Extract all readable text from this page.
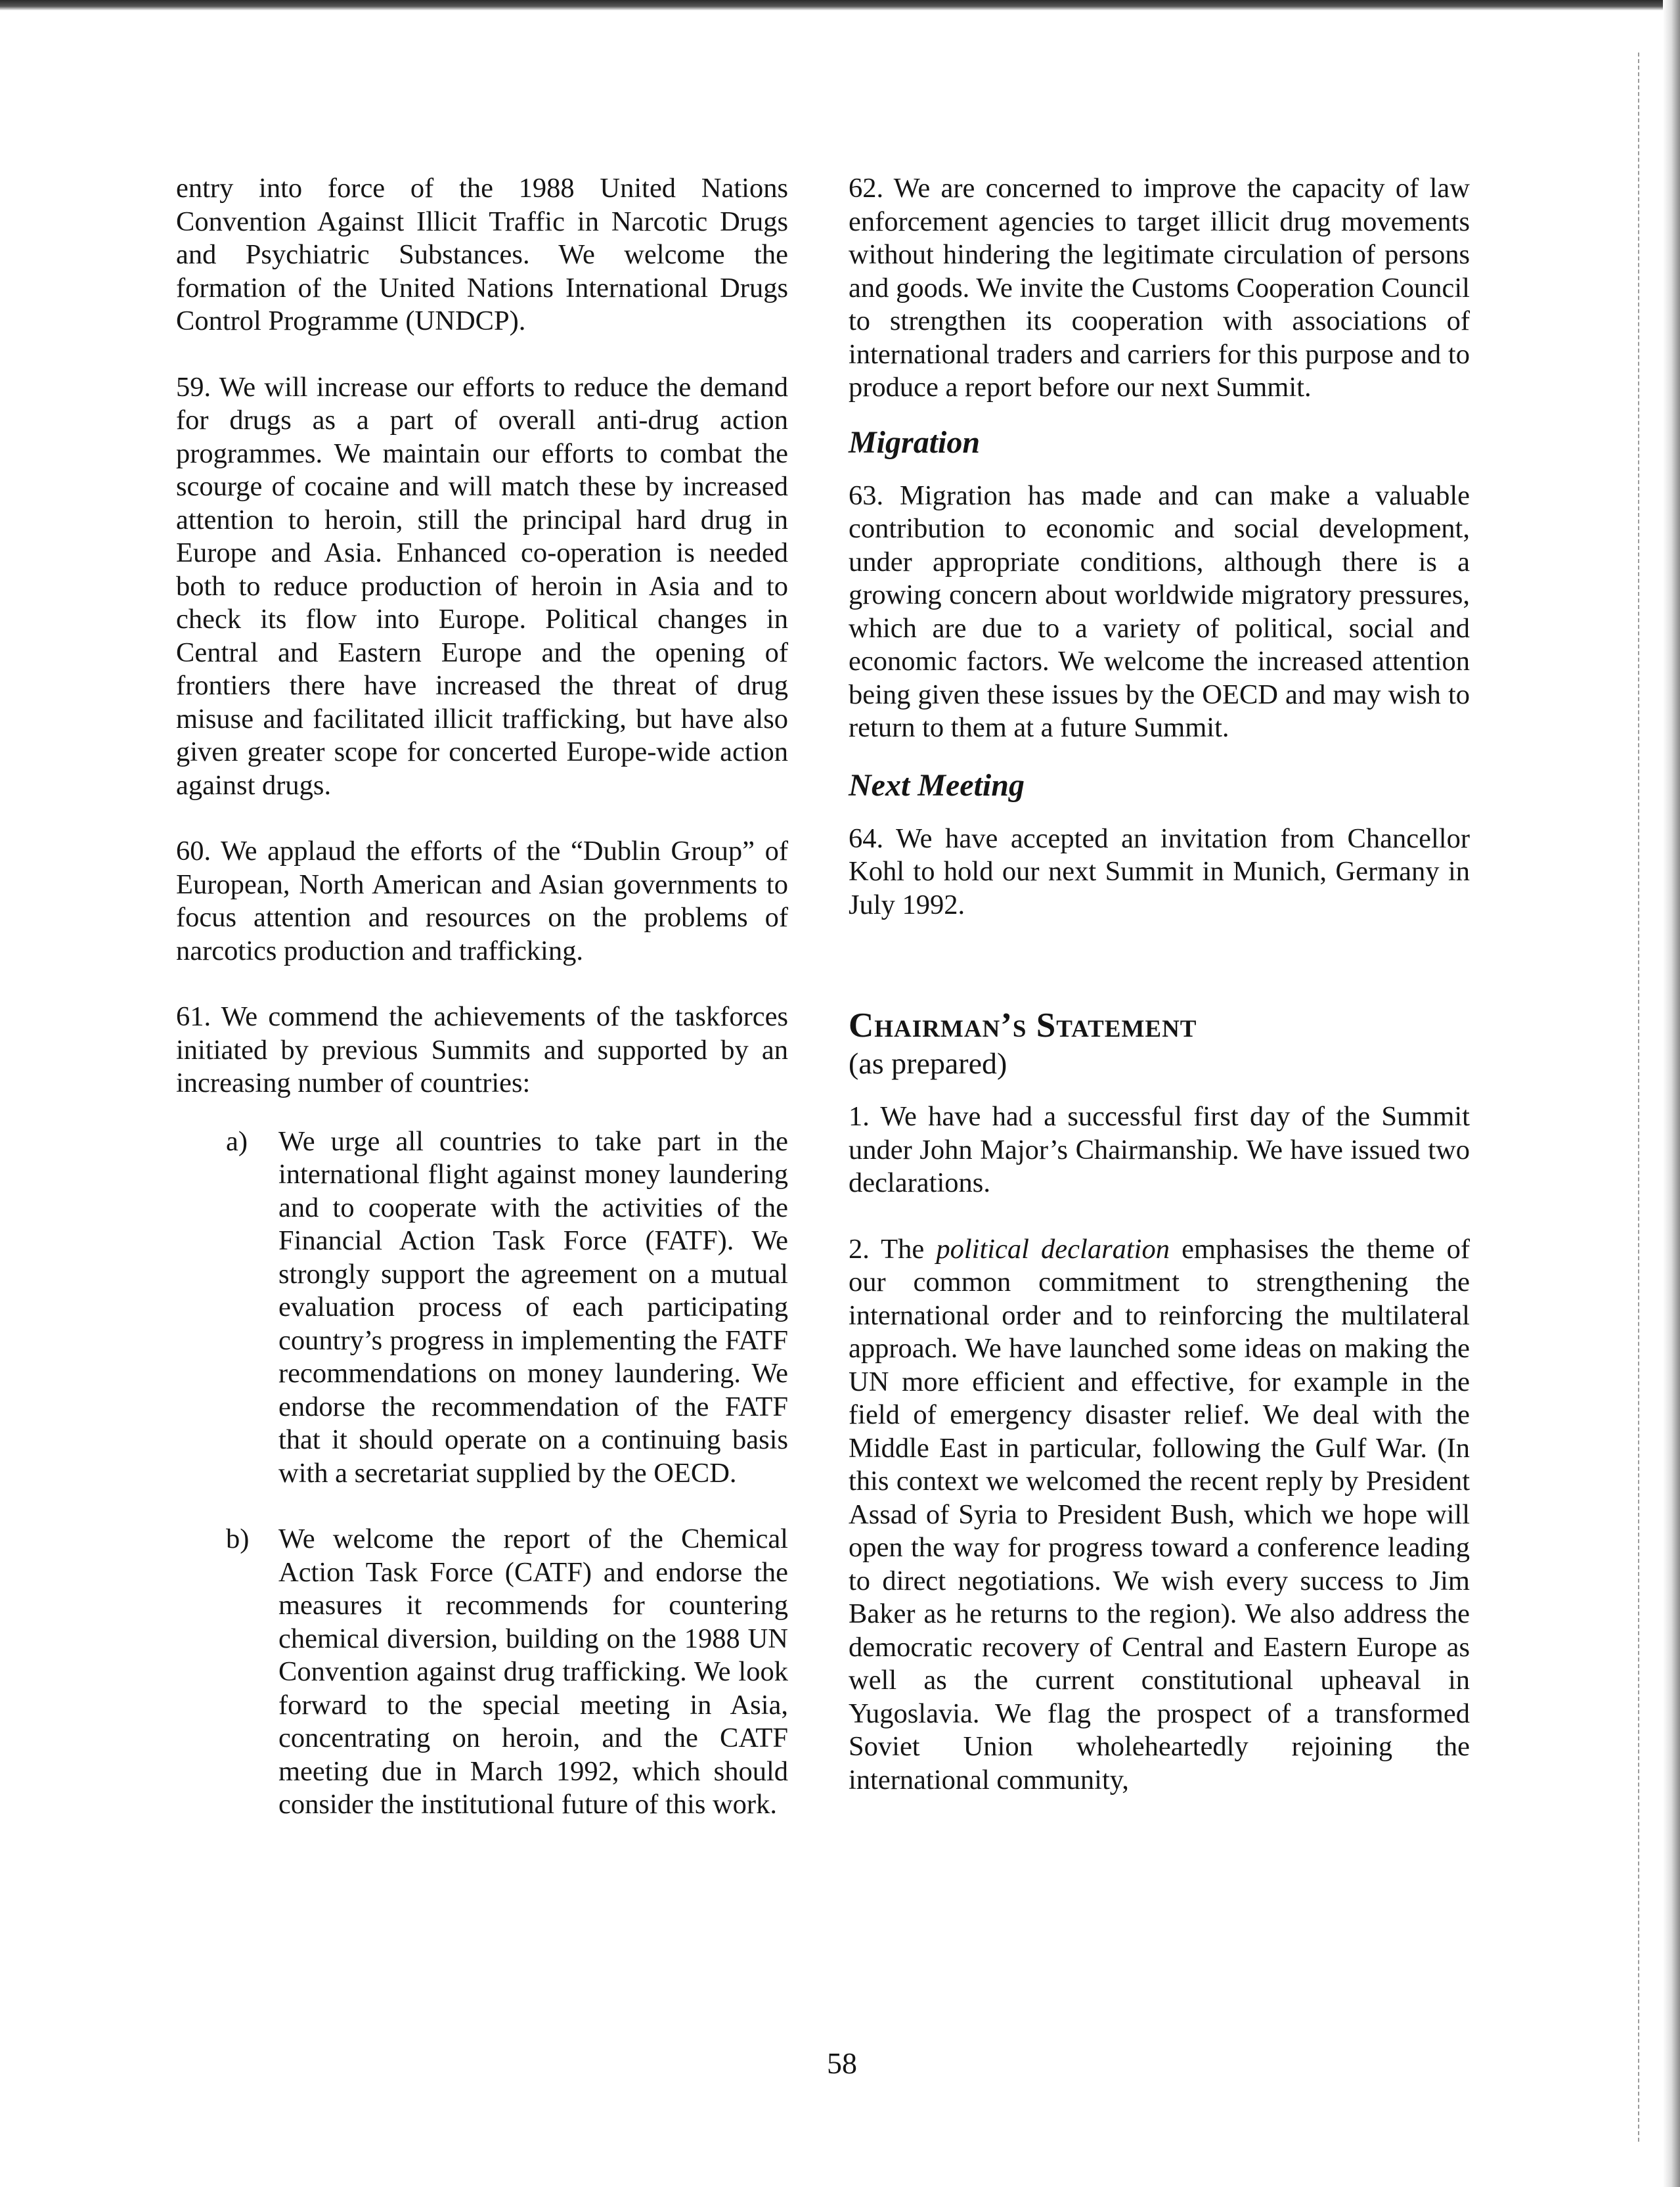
entry into force of the 1988 United Nations Convention Against Illicit Traffic in Narcotic Drugs and Psychiatric Substances. We welcome the formation of the United Nations International Drugs Control Programme (UNDCP).

59. We will increase our efforts to reduce the demand for drugs as a part of overall anti-drug action programmes. We maintain our efforts to combat the scourge of cocaine and will match these by increased attention to heroin, still the principal hard drug in Europe and Asia. Enhanced co-operation is needed both to reduce production of heroin in Asia and to check its flow into Europe. Political changes in Central and Eastern Europe and the opening of frontiers there have increased the threat of drug misuse and facilitated illicit trafficking, but have also given greater scope for concerted Europe-wide action against drugs.

60. We applaud the efforts of the “Dublin Group” of European, North American and Asian governments to focus attention and resources on the problems of narcotics production and trafficking.

61. We commend the achievements of the taskforces initiated by previous Summits and supported by an increasing number of countries:

a)	We urge all countries to take part in the international flight against money laundering and to cooperate with the activities of the Financial Action Task Force (FATF). We strongly support the agreement on a mutual evaluation process of each participating country’s progress in implementing the FATF recommendations on money laundering. We endorse the recommendation of the FATF that it should operate on a continuing basis with a secretariat supplied by the OECD.
b)	We welcome the report of the Chemical Action Task Force (CATF) and endorse the measures it recommends for countering chemical diversion, building on the 1988 UN Convention against drug trafficking. We look forward to the special meeting in Asia, concentrating on heroin, and the CATF meeting due in March 1992, which should consider the institutional future of this work.

62. We are concerned to improve the capacity of law enforcement agencies to target illicit drug movements without hindering the legitimate circulation of persons and goods. We invite the Customs Cooperation Council to strengthen its cooperation with associations of international traders and carriers for this purpose and to produce a report before our next Summit.

Migration

63. Migration has made and can make a valuable contribution to economic and social development, under appropriate conditions, although there is a growing concern about worldwide migratory pressures, which are due to a variety of political, social and economic factors. We welcome the increased attention being given these issues by the OECD and may wish to return to them at a future Summit.

Next Meeting

64. We have accepted an invitation from Chancellor Kohl to hold our next Summit in Munich, Germany in July 1992.

Chairman’s Statement

(as prepared)

1. We have had a successful first day of the Summit under John Major’s Chairmanship. We have issued two declarations.

2. The political declaration emphasises the theme of our common commitment to strengthening the international order and to reinforcing the multilateral approach. We have launched some ideas on making the UN more efficient and effective, for example in the field of emergency disaster relief. We deal with the Middle East in particular, following the Gulf War. (In this context we welcomed the recent reply by President Assad of Syria to President Bush, which we hope will open the way for progress toward a conference leading to direct negotiations. We wish every success to Jim Baker as he returns to the region). We also address the democratic recovery of Central and Eastern Europe as well as the current constitutional upheaval in Yugoslavia. We flag the prospect of a transformed Soviet Union wholeheartedly rejoining the international community,

58
